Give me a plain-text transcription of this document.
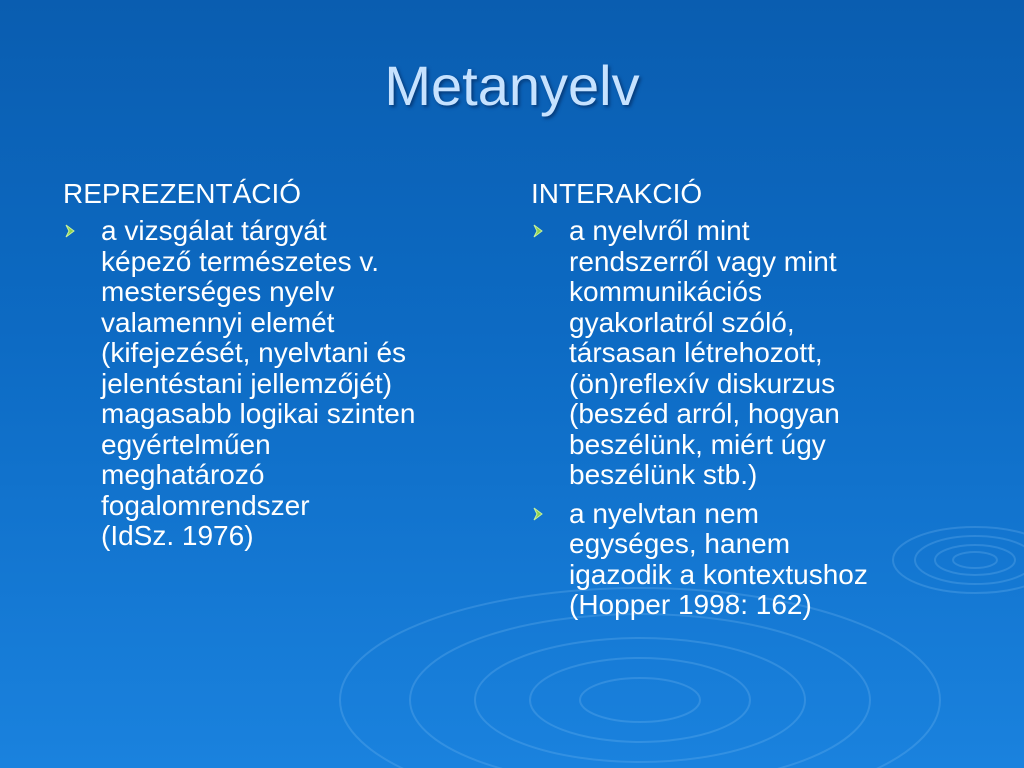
Metanyelv
REPREZENTÁCIÓ
a vizsgálat tárgyát
képező természetes v.
mesterséges nyelv
valamennyi elemét
(kifejezését, nyelvtani és
jelentéstani jellemzőjét)
magasabb logikai szinten
egyértelműen
meghatározó
fogalomrendszer
(IdSz. 1976)
INTERAKCIÓ
a nyelvről mint
rendszerről vagy mint
kommunikációs
gyakorlatról szóló,
társasan létrehozott,
(ön)reflexív diskurzus
(beszéd arról, hogyan
beszélünk, miért úgy
beszélünk stb.)
a nyelvtan nem
egységes, hanem
igazodik a kontextushoz
(Hopper 1998: 162)
